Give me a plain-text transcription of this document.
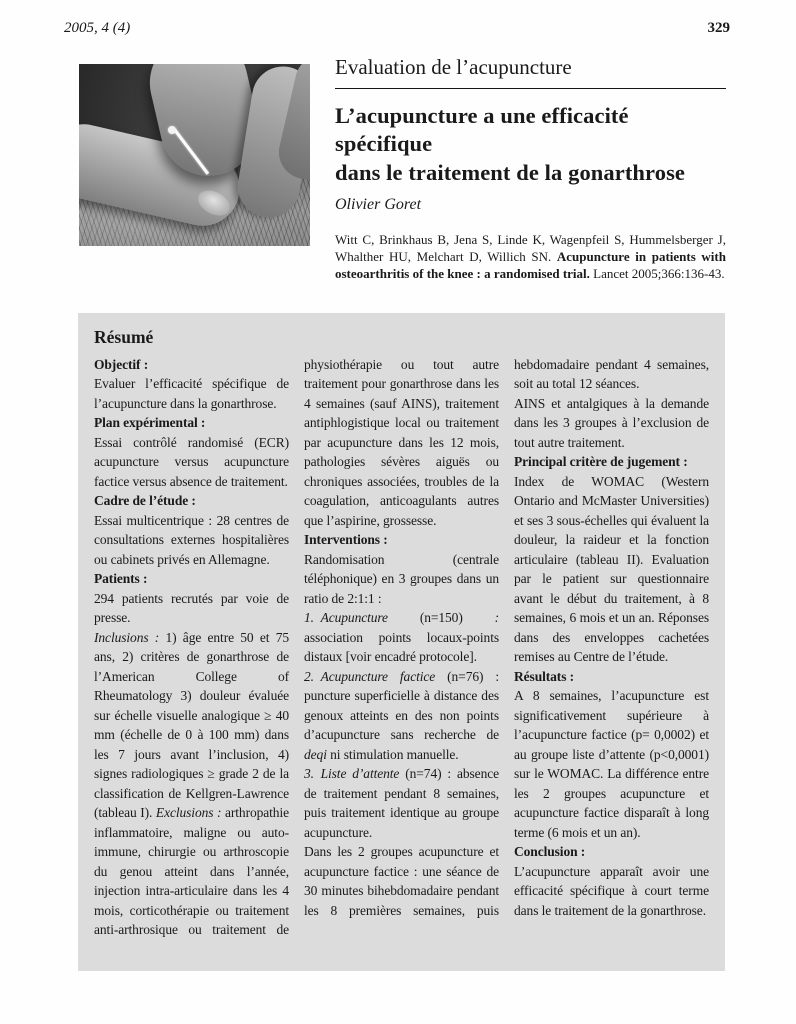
2005, 4 (4)	329
Evaluation de l’acupuncture
L’acupuncture a une efficacité spécifique
dans le traitement de la gonarthrose
Olivier Goret

Witt C, Brinkhaus B, Jena S, Linde K, Wagenpfeil S, Hummelsberger J, Whalther HU, Melchart D, Willich SN. Acupuncture in patients with osteoarthritis of the knee : a randomised trial. Lancet 2005;366:136-43.

Résumé

Objectif :

Evaluer l’efficacité spécifique de l’acupuncture dans la gonarthrose.

Plan expérimental :

Essai contrôlé randomisé (ECR) acupuncture versus acupuncture factice versus absence de traitement.

Cadre de l’étude :

Essai multicentrique : 28 centres de consultations externes hospitalières ou cabinets privés en Allemagne.

Patients :

294 patients recrutés par voie de presse.

Inclusions : 1) âge entre 50 et 75 ans, 2) critères de gonarthrose de l’American College of Rheumatology 3) douleur évaluée sur échelle visuelle analogique ≥ 40 mm (échelle de 0 à 100 mm) dans les 7 jours avant l’inclusion, 4) signes radiologiques ≥ grade 2 de la classification de Kellgren-Lawrence (tableau I). Exclusions : arthropathie inflammatoire, maligne ou auto-immune, chirurgie ou arthroscopie du genou atteint dans l’année, injection intra-articulaire dans les 4 mois, corticothérapie ou traitement anti-arthrosique ou traitement de physiothérapie ou tout autre traitement pour gonarthrose dans les 4 semaines (sauf AINS), traitement antiphlogistique local ou traitement par acupuncture dans les 12 mois, pathologies sévères aiguës ou chroniques associées, troubles de la coagulation, anticoagulants autres que l’aspirine, grossesse.

Interventions :

Randomisation (centrale téléphonique) en 3 groupes dans un ratio de 2:1:1 :

1. Acupuncture (n=150) : association points locaux-points distaux [voir encadré protocole].

2. Acupuncture factice (n=76) : puncture superficielle à distance des genoux atteints en des non points d’acupuncture sans recherche de deqi ni stimulation manuelle.

3. Liste d’attente (n=74) : absence de traitement pendant 8 semaines, puis traitement identique au groupe acupuncture.

Dans les 2 groupes acupuncture et acupuncture factice : une séance de 30 minutes bihebdomadaire pendant les 8 premières semaines, puis hebdomadaire pendant 4 semaines, soit au total 12 séances.

AINS et antalgiques à la demande dans les 3 groupes à l’exclusion de tout autre traitement.

Principal critère de jugement :

Index de WOMAC (Western Ontario and McMaster Universities) et ses 3 sous-échelles qui évaluent la douleur, la raideur et la fonction articulaire (tableau II). Evaluation par le patient sur questionnaire avant le début du traitement, à 8 semaines, 6 mois et un an. Réponses dans des enveloppes cachetées remises au Centre de l’étude.

Résultats :

A 8 semaines, l’acupuncture est significativement supérieure à l’acupuncture factice (p= 0,0002) et au groupe liste d’attente (p<0,0001) sur le WOMAC. La différence entre les 2 groupes acupuncture et acupuncture factice disparaît à long terme (6 mois et un an).

Conclusion :

L’acupuncture apparaît avoir une efficacité spécifique à court terme dans le traitement de la gonarthrose.
